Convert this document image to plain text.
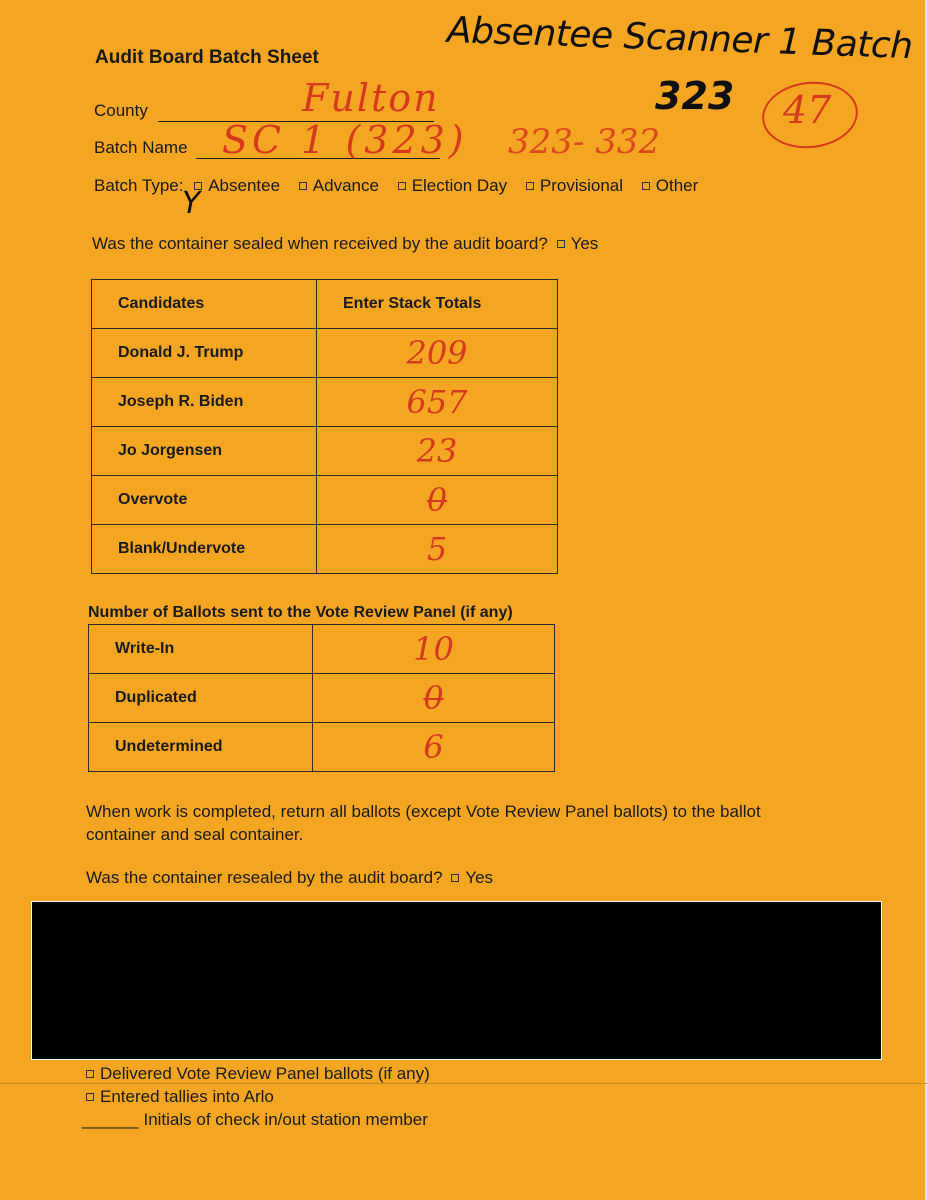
Audit Board Batch Sheet	Absentee Scanner 1 Batch
323 47
County	Fulton
Batch Name SC 1 (323) 323- 332
Batch Type: Absentee Advance Election Day Provisional Other
Y
Was the container sealed when received by the audit board? Yes
Candidates	Enter Stack Totals
Donald J. Trump	209
Joseph R. Biden	657
Jo Jorgensen	23
Overvote	0
Blank/Undervote	5
Number of Ballots sent to the Vote Review Panel (if any)
Write-In	10
Duplicated	0
Undetermined	6
When work is completed, return all ballots (except Vote Review Panel ballots) to the ballot container and seal container.
Was the container resealed by the audit board? Yes
Delivered Vote Review Panel ballots (if any)
Entered tallies into Arlo
______ Initials of check in/out station member
